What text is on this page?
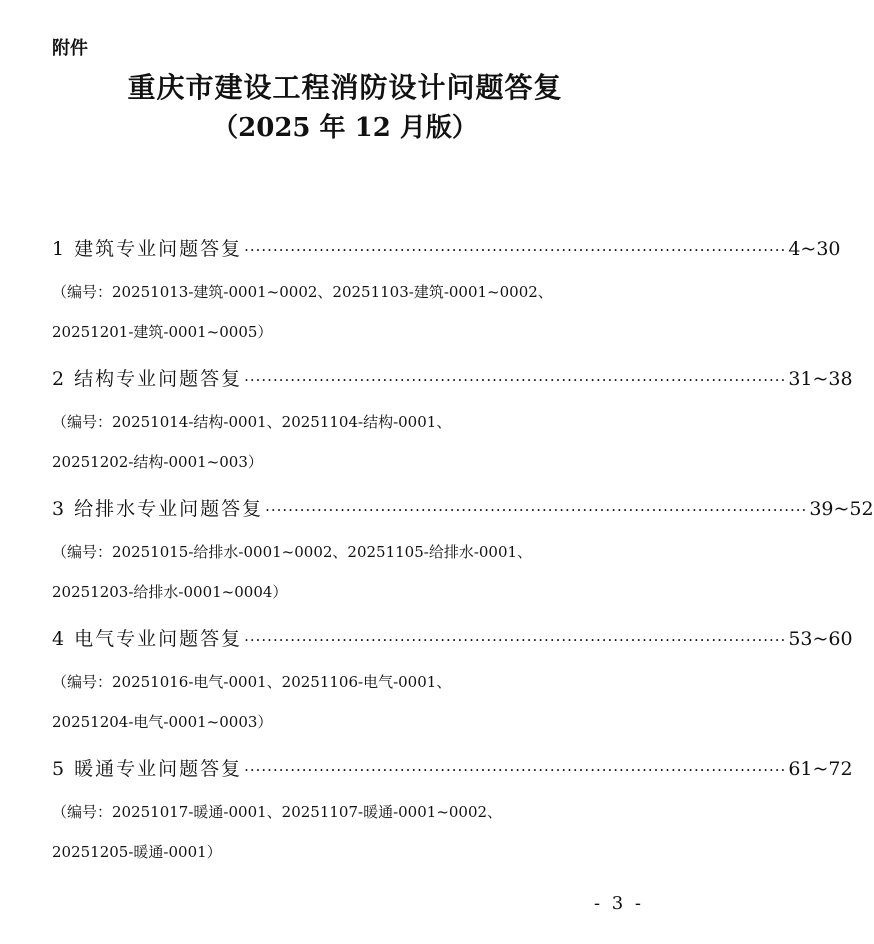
附件
重庆市建设工程消防设计问题答复
（2025 年 12 月版）
1 建筑专业问题答复 ······························································································ 4~30
（编号：20251013-建筑-0001~0002、20251103-建筑-0001~0002、
20251201-建筑-0001~0005）
2 结构专业问题答复 ······························································································ 31~38
（编号：20251014-结构-0001、20251104-结构-0001、
20251202-结构-0001~003）
3 给排水专业问题答复 ······························································································ 39~52
（编号：20251015-给排水-0001~0002、20251105-给排水-0001、
20251203-给排水-0001~0004）
4 电气专业问题答复 ······························································································ 53~60
（编号：20251016-电气-0001、20251106-电气-0001、
20251204-电气-0001~0003）
5 暖通专业问题答复 ······························································································ 61~72
（编号：20251017-暖通-0001、20251107-暖通-0001~0002、
20251205-暖通-0001）
- 3 -
